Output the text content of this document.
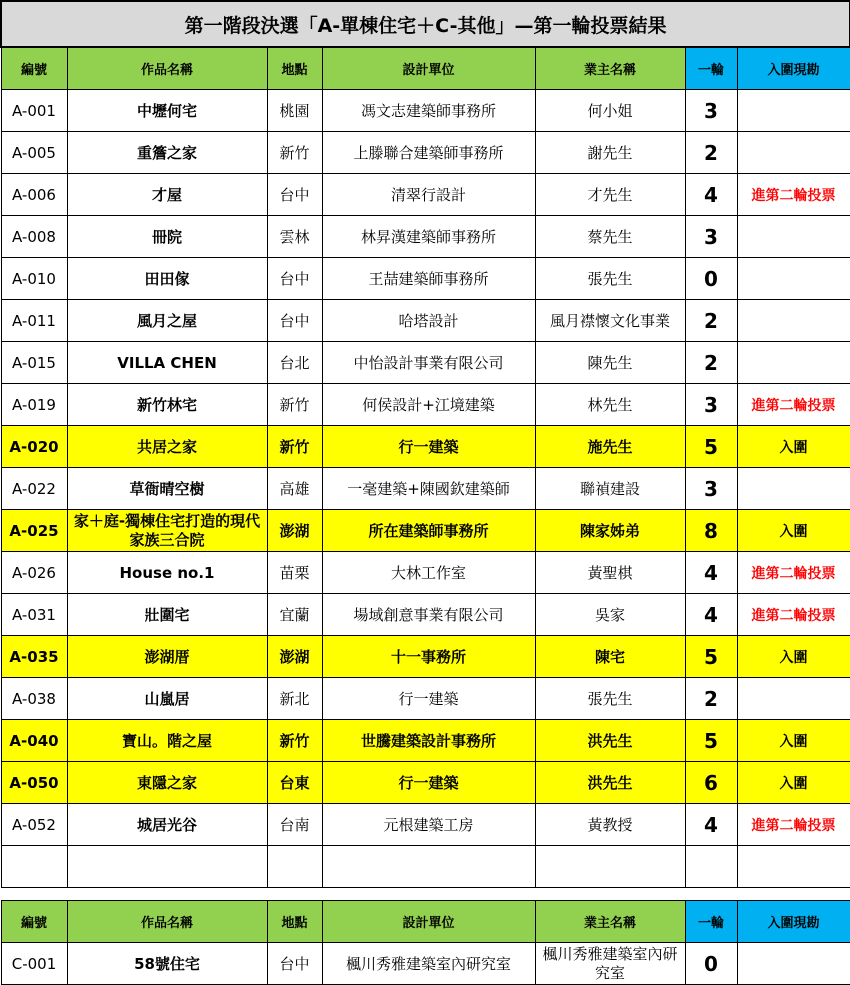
第一階段決選「A-單棟住宅＋C-其他」—第一輪投票結果						
編號	作品名稱	地點	設計單位	業主名稱	一輪	入圍現勘
A-001	中壢何宅	桃園	馮文志建築師事務所	何小姐	3	
A-005	重簷之家	新竹	上滕聯合建築師事務所	謝先生	2	
A-006	才屋	台中	清翠行設計	才先生	4	進第二輪投票
A-008	冊院	雲林	林昇漢建築師事務所	蔡先生	3	
A-010	田田傢	台中	王喆建築師事務所	張先生	0	
A-011	風月之屋	台中	哈塔設計	風月襟懷文化事業	2	
A-015	VILLA CHEN	台北	中怡設計事業有限公司	陳先生	2	
A-019	新竹林宅	新竹	何侯設計+江境建築	林先生	3	進第二輪投票
A-020	共居之家	新竹	行一建築	施先生	5	入圍
A-022	草衙晴空樹	高雄	一毫建築+陳國欽建築師	聯禎建設	3	
A-025	家＋庭-獨棟住宅打造的現代家族三合院	澎湖	所在建築師事務所	陳家姊弟	8	入圍
A-026	House no.1	苗栗	大林工作室	黃聖棋	4	進第二輪投票
A-031	壯圍宅	宜蘭	場域創意事業有限公司	吳家	4	進第二輪投票
A-035	澎湖厝	澎湖	十一事務所	陳宅	5	入圍
A-038	山嵐居	新北	行一建築	張先生	2	
A-040	寶山。階之屋	新竹	世騰建築設計事務所	洪先生	5	入圍
A-050	東隱之家	台東	行一建築	洪先生	6	入圍
A-052	城居光谷	台南	元根建築工房	黃教授	4	進第二輪投票

編號	作品名稱	地點	設計單位	業主名稱	一輪	入圍現勘
C-001	58號住宅	台中	楓川秀雅建築室內研究室	楓川秀雅建築室內研究室	0	
